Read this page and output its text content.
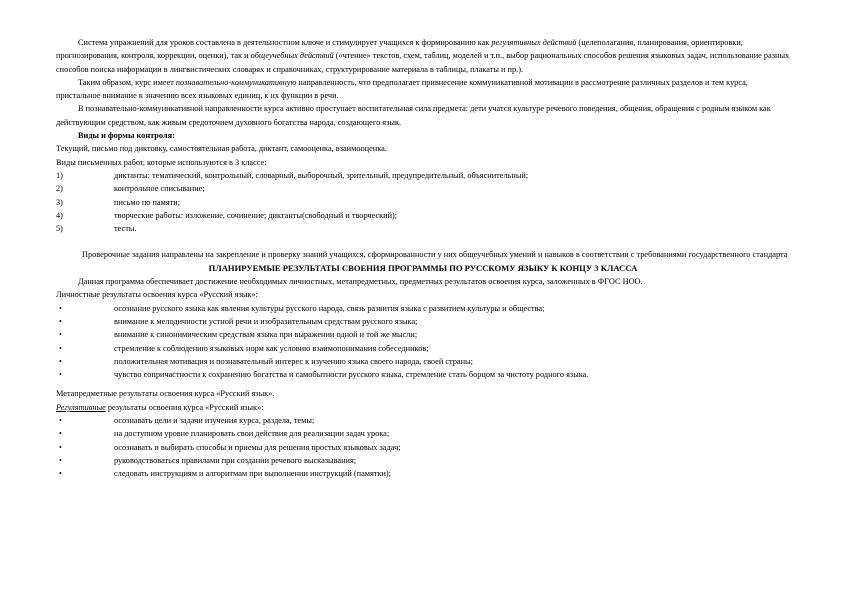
Система упражнений для уроков составлена в деятельностном ключе и стимулирует учащихся к формированию как регулятивных действий (целеполагания, планирования, ориентировки, прогнозирования, контроля, коррекции, оценки), так и общеучебных действий («чтение» текстов, схем, таблиц, моделей и т.п., выбор рациональных способов решения языковых задач, использование разных способов поиска информации в лингвистических словарях и справочниках, структурирование материала в таблицы, плакаты и пр.).

Таким образом, курс имеет познавательно-коммуникативную направленность, что предполагает привнесение коммуникативной мотивации в рассмотрение различных разделов и тем курса, пристальное внимание к значению всех языковых единиц, к их функции в речи.

В познавательно-коммуникативной направленности курса активно проступает воспитательная сила предмета: дети учатся культуре речевого поведения, общения, обращения с родным языком как действующим средством, как живым средоточием духовного богатства народа, создающего язык.

Виды и формы контроля:

Текущий, письмо под диктовку, самостоятельная работа, диктант, самооценка, взаимооценка.

Виды письменных работ, которые используются в 3 классе:

1)	диктанты: тематический, контрольный, словарный, выборочный, зрительный, предупредительный, объяснительный;
2)	контрольное списывание;
3)	письмо по памяти;
4)	творческие работы: изложение, сочинение; диктанты(свободный и творческий);
5)	тесты.

Проверочные задания направлены на закрепление и проверку знаний учащихся, сформированности у них общеучебных умений и навыков в соответствии с требованиями государственного стандарта

ПЛАНИРУЕМЫЕ РЕЗУЛЬТАТЫ СВОЕНИЯ ПРОГРАММЫ ПО РУССКОМУ ЯЗЫКУ К КОНЦУ 3 КЛАССА

Данная программа обеспечивает достижение необходимых личностных, метапредметных, предметных результатов освоения курса, заложенных в ФГОС НОО.

Личностные результаты освоения курса «Русский язык»:

•	осознание русского языка как явления культуры русского народа, связь развития языка с развитием культуры и общества;
•	внимание к мелодичности устной речи и изобразительным средствам русского языка;
•	внимание к синонимическим средствам языка при выражении одной и той же мысли;
•	стремление к соблюдению языковых норм как условию взаимопонимания собеседников;
•	положительная мотивация и познавательный интерес к изучению языка своего народа, своей страны;
•	чувство сопричастности к сохранению богатства и самобытности русского языка, стремление стать борцом за чистоту родного языка.

Метапредметные результаты освоения курса «Русский язык».

Регулятивные результаты освоения курса «Русский язык»:

•	осознавать цели и задачи изучения курса, раздела, темы;
•	на доступном уровне планировать свои действия для реализации задач урока;
•	осознавать и выбирать способы и приемы для решения простых языковых задач;
•	руководствоваться правилами при создании речевого высказывания;
•	следовать инструкциям и алгоритмам при выполнении инструкций (памятки);
